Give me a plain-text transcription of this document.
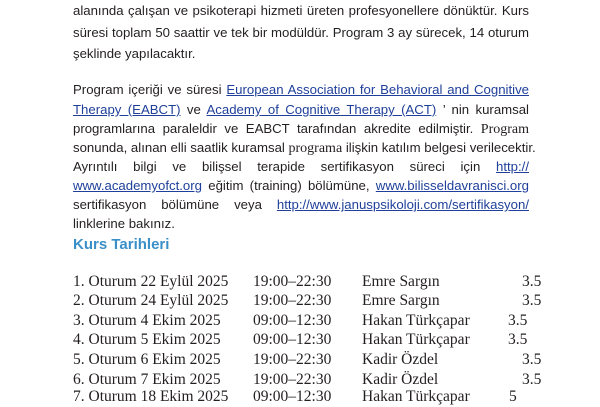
alanında çalışan ve psikoterapi hizmeti üreten profesyonellere dönüktür. Kurs
süresi toplam 50 saattir ve tek bir modüldür. Program 3 ay sürecek, 14 oturum
şeklinde yapılacaktır.
Program içeriği ve süresi European Association for Behavioral and Cognitive
Therapy (EABCT) ve Academy of Cognitive Therapy (ACT) ’ nin kuramsal
programlarına paraleldir ve EABCT tarafından akredite edilmiştir. Program
sonunda, alınan elli saatlik kuramsal programa ilişkin katılım belgesi verilecektir.
Ayrıntılı bilgi ve bilişsel terapide sertifikasyon süreci için http://
www.academyofct.org eğitim (training) bölümüne, www.bilisseldavranisci.org
sertifikasyon bölümüne veya http://www.januspsikoloji.com/sertifikasyon/
linklerine bakınız.
Kurs Tarihleri
1. Oturum 22 Eylül 2025 19:00–22:30 Emre Sargın	3.5
2. Oturum 24 Eylül 2025 19:00–22:30 Emre Sargın	3.5
3. Oturum 4 Ekim 2025 09:00–12:30 Hakan Türkçapar 3.5
4. Oturum 5 Ekim 2025 09:00–12:30 Hakan Türkçapar 3.5
5. Oturum 6 Ekim 2025 19:00–22:30 Kadir Özdel	3.5
6. Oturum 7 Ekim 2025 19:00–22:30 Kadir Özdel	3.5
7. Oturum 18 Ekim 2025 09:00–12:30 Hakan Türkçapar	5
